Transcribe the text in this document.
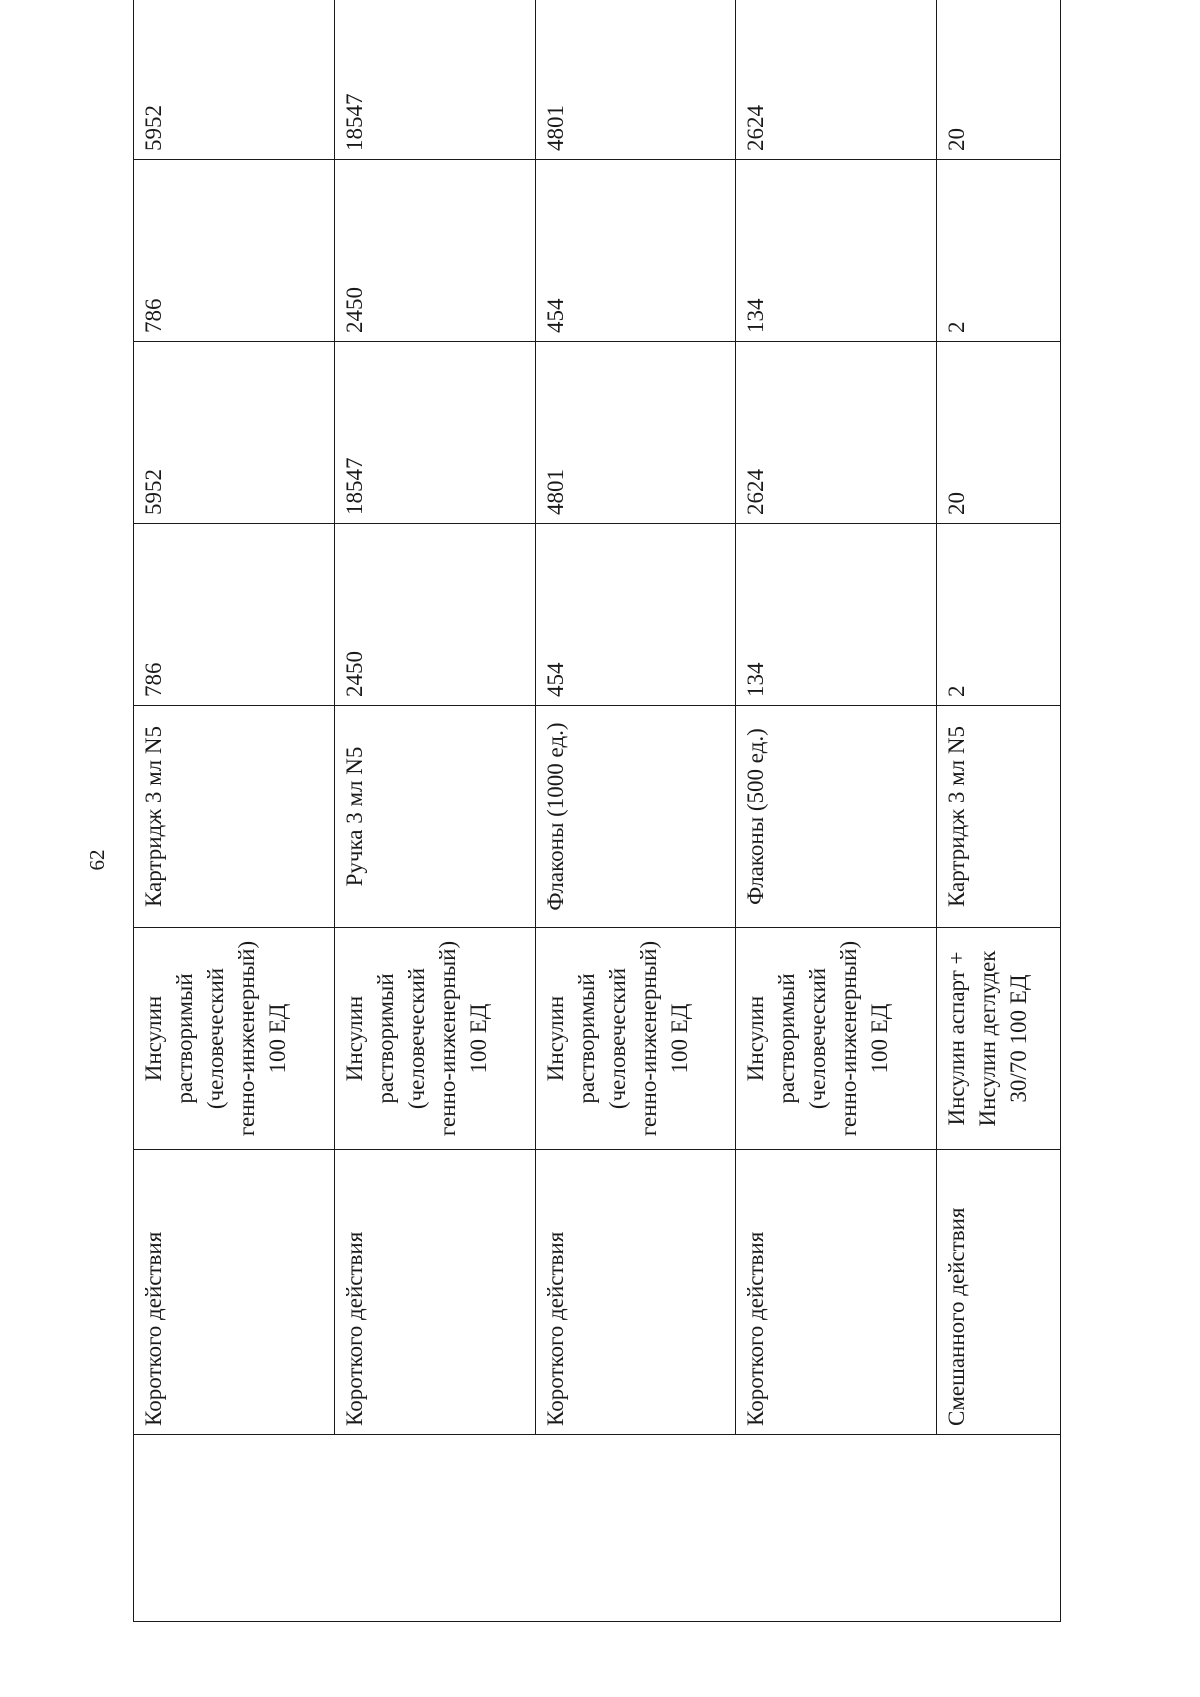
62
	Короткого действия	Инсулин растворимый (человеческий генно-инженерный) 100 ЕД	Картридж 3 мл N5	786	5952	786	5952
	Короткого действия	Инсулин растворимый (человеческий генно-инженерный) 100 ЕД	Ручка 3 мл N5	2450	18547	2450	18547
	Короткого действия	Инсулин растворимый (человеческий генно-инженерный) 100 ЕД	Флаконы (1000 ед.)	454	4801	454	4801
	Короткого действия	Инсулин растворимый (человеческий генно-инженерный) 100 ЕД	Флаконы (500 ед.)	134	2624	134	2624
	Смешанного действия	Инсулин аспарт + Инсулин деглудек 30/70 100 ЕД	Картридж 3 мл N5	2	20	2	20
